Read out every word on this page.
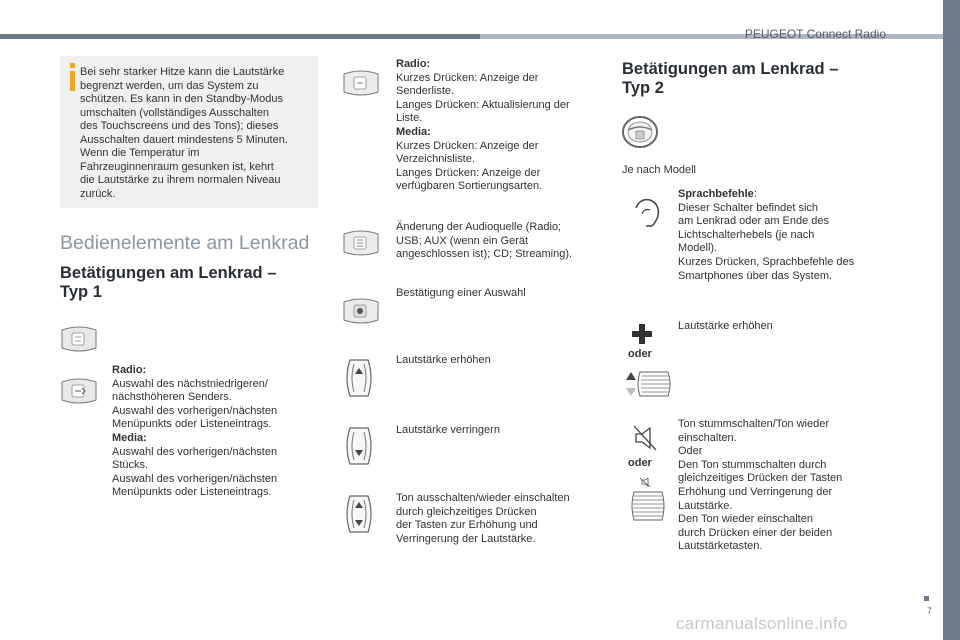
PEUGEOT Connect Radio
7
carmanualsonline.info
Bei sehr starker Hitze kann die Lautstärke
begrenzt werden, um das System zu
schützen. Es kann in den Standby-Modus
umschalten (vollständiges Ausschalten
des Touchscreens und des Tons); dieses
Ausschalten dauert mindestens 5 Minuten.
Wenn die Temperatur im
Fahrzeuginnenraum gesunken ist, kehrt
die Lautstärke zu ihrem normalen Niveau
zurück.
Bedienelemente am Lenkrad
Betätigungen am Lenkrad –
Typ 1
Radio:
Auswahl des nächstniedrigeren/
nächsthöheren Senders.
Auswahl des vorherigen/nächsten
Menüpunkts oder Listeneintrags.
Media:
Auswahl des vorherigen/nächsten
Stücks.
Auswahl des vorherigen/nächsten
Menüpunkts oder Listeneintrags.
Radio:
Kurzes Drücken: Anzeige der
Senderliste.
Langes Drücken: Aktualisierung der
Liste.
Media:
Kurzes Drücken: Anzeige der
Verzeichnisliste.
Langes Drücken: Anzeige der
verfügbaren Sortierungsarten.
Änderung der Audioquelle (Radio;
USB; AUX (wenn ein Gerät
angeschlossen ist); CD; Streaming).
Bestätigung einer Auswahl
Lautstärke erhöhen
Lautstärke verringern
Ton ausschalten/wieder einschalten
durch gleichzeitiges Drücken
der Tasten zur Erhöhung und
Verringerung der Lautstärke.
Betätigungen am Lenkrad –
Typ 2
Je nach Modell
Sprachbefehle:
Dieser Schalter befindet sich
am Lenkrad oder am Ende des
Lichtschalterhebels (je nach
Modell).
Kurzes Drücken, Sprachbefehle des
Smartphones über das System.
oder
Lautstärke erhöhen
oder
Ton stummschalten/Ton wieder
einschalten.
Oder
Den Ton stummschalten durch
gleichzeitiges Drücken der Tasten
Erhöhung und Verringerung der
Lautstärke.
Den Ton wieder einschalten
durch Drücken einer der beiden
Lautstärketasten.
